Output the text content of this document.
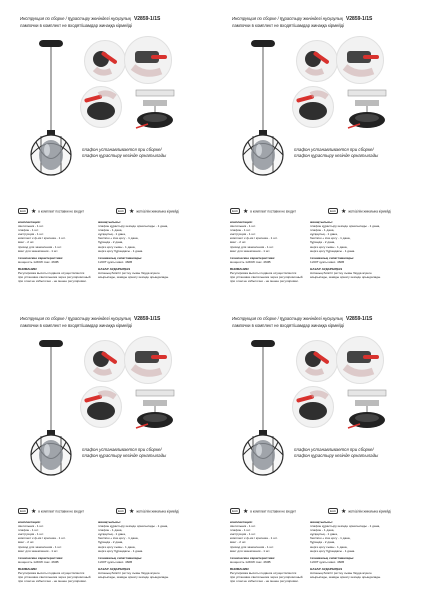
Инструкция по сборке / Құрастыру жөніндегі нұсқаулық V2859-1/1S
лампочки в комплект не входят/шамдар жинаққа кірмейді
плафон устанавливается при сборке/
плафон құрастыру кезінде орнатылады
ЕАС ★ в комплект поставки не входит	ЕАС ★ жеткізілім жинағына кірмейді
комплектация:
светильник - 1 шт.
плафон - 1 шт.
инструкция - 1 шт.
комплект к ф-ия / крепежа - 1 шт.
винт - 2 шт.
провод для заземления - 1 шт.
винт для заземления - 1 шт.
технические характеристики:
мощность 1x60W max. 460В
ВНИМАНИЕ!
Регулировка высоты подвеса осуществляется
при установке светильника через регулировочный
при этом не избыточно - не менее регулировки.
жинақтылығы:
плафон құрастыру кезінде орнатылады - 1 дана,
плафон - 1 дана,
нұсқаулық - 1 дана,
бекіткіш + іске қосу - 1 дана,
бұрандa - 2 дана,
жерге қосу сымы - 1 дана,
жерге қосу бұрандасы - 1 дана.
техникалық сипаттамалары:
1x60Т қуаты макс. 460В
НАЗАР АУДАРЫҢЫЗ
Аспаның биіктігі реттеу сымы бауда жүзеге
асырылады, шамды орнату кезінде орындалады.
Инструкция по сборке / Құрастыру жөніндегі нұсқаулық V2859-1/1S
лампочки в комплект не входят/шамдар жинаққа кірмейді
плафон устанавливается при сборке/
плафон құрастыру кезінде орнатылады
ЕАС ★ в комплект поставки не входит	ЕАС ★ жеткізілім жинағына кірмейді
комплектация:
светильник - 1 шт.
плафон - 1 шт.
инструкция - 1 шт.
комплект к ф-ия / крепежа - 1 шт.
винт - 2 шт.
провод для заземления - 1 шт.
винт для заземления - 1 шт.
технические характеристики:
мощность 1x60W max. 460В
ВНИМАНИЕ!
Регулировка высоты подвеса осуществляется
при установке светильника через регулировочный
при этом не избыточно - не менее регулировки.
жинақтылығы:
плафон құрастыру кезінде орнатылады - 1 дана,
плафон - 1 дана,
нұсқаулық - 1 дана,
бекіткіш + іске қосу - 1 дана,
бұрандa - 2 дана,
жерге қосу сымы - 1 дана,
жерге қосу бұрандасы - 1 дана.
техникалық сипаттамалары:
1x60Т қуаты макс. 460В
НАЗАР АУДАРЫҢЫЗ
Аспаның биіктігі реттеу сымы бауда жүзеге
асырылады, шамды орнату кезінде орындалады.
Инструкция по сборке / Құрастыру жөніндегі нұсқаулық V2859-1/1S
лампочки в комплект не входят/шамдар жинаққа кірмейді
плафон устанавливается при сборке/
плафон құрастыру кезінде орнатылады
ЕАС ★ в комплект поставки не входит	ЕАС ★ жеткізілім жинағына кірмейді
комплектация:
светильник - 1 шт.
плафон - 1 шт.
инструкция - 1 шт.
комплект к ф-ия / крепежа - 1 шт.
винт - 2 шт.
провод для заземления - 1 шт.
винт для заземления - 1 шт.
технические характеристики:
мощность 1x60W max. 460В
ВНИМАНИЕ!
Регулировка высоты подвеса осуществляется
при установке светильника через регулировочный
при этом не избыточно - не менее регулировки.
жинақтылығы:
плафон құрастыру кезінде орнатылады - 1 дана,
плафон - 1 дана,
нұсқаулық - 1 дана,
бекіткіш + іске қосу - 1 дана,
бұрандa - 2 дана,
жерге қосу сымы - 1 дана,
жерге қосу бұрандасы - 1 дана.
техникалық сипаттамалары:
1x60Т қуаты макс. 460В
НАЗАР АУДАРЫҢЫЗ
Аспаның биіктігі реттеу сымы бауда жүзеге
асырылады, шамды орнату кезінде орындалады.
Инструкция по сборке / Құрастыру жөніндегі нұсқаулық V2859-1/1S
лампочки в комплект не входят/шамдар жинаққа кірмейді
плафон устанавливается при сборке/
плафон құрастыру кезінде орнатылады
ЕАС ★ в комплект поставки не входит	ЕАС ★ жеткізілім жинағына кірмейді
комплектация:
светильник - 1 шт.
плафон - 1 шт.
инструкция - 1 шт.
комплект к ф-ия / крепежа - 1 шт.
винт - 2 шт.
провод для заземления - 1 шт.
винт для заземления - 1 шт.
технические характеристики:
мощность 1x60W max. 460В
ВНИМАНИЕ!
Регулировка высоты подвеса осуществляется
при установке светильника через регулировочный
при этом не избыточно - не менее регулировки.
жинақтылығы:
плафон құрастыру кезінде орнатылады - 1 дана,
плафон - 1 дана,
нұсқаулық - 1 дана,
бекіткіш + іске қосу - 1 дана,
бұрандa - 2 дана,
жерге қосу сымы - 1 дана,
жерге қосу бұрандасы - 1 дана.
техникалық сипаттамалары:
1x60Т қуаты макс. 460В
НАЗАР АУДАРЫҢЫЗ
Аспаның биіктігі реттеу сымы бауда жүзеге
асырылады, шамды орнату кезінде орындалады.
